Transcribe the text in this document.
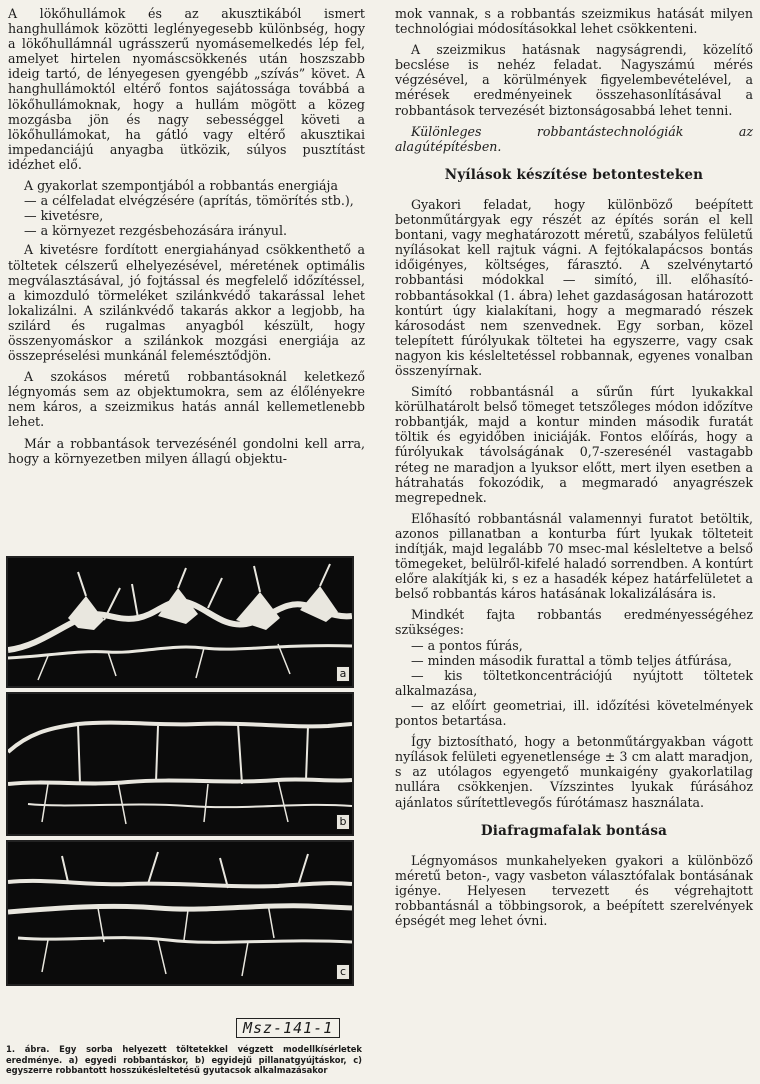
A lökőhullámok és az akusztikából ismert hanghullámok közötti leglényegesebb különbség, hogy a lökőhullámnál ugrásszerű nyomásemelkedés lép fel, amelyet hirtelen nyomáscsökkenés után hoszszabb ideig tartó, de lényegesen gyengébb „szívás” követ. A hanghullámoktól eltérő fontos sajátossága továbbá a lökőhullámoknak, hogy a hullám mögött a közeg mozgásba jön és nagy sebességgel követi a lökőhullámokat, ha gátló vagy eltérő akusztikai impedanciájú anyagba ütközik, súlyos pusztítást idézhet elő.

A gyakorlat szempontjából a robbantás energiája

— a célfeladat elvégzésére (aprítás, tömörítés stb.),

— kivetésre,

— a környezet rezgésbehozására irányul.

A kivetésre fordított energiahányad csökkenthető a töltetek célszerű elhelyezésével, méretének optimális megválasztásával, jó fojtással és megfelelő időzítéssel, a kimozduló törmeléket szilánkvédő takarással lehet lokalizálni. A szilánkvédő takarás akkor a legjobb, ha szilárd és rugalmas anyagból készült, hogy összenyomáskor a szilánkok mozgási energiája az összepréselési munkánál felemésztődjön.

A szokásos méretű robbantásoknál keletkező légnyomás sem az objektumokra, sem az élőlényekre nem káros, a szeizmikus hatás annál kellemetlenebb lehet.

Már a robbantások tervezésénél gondolni kell arra, hogy a környezetben milyen állagú objektu-

a
b
c
Msz-141-1
1. ábra. Egy sorba helyezett töltetekkel végzett modellkísérletek eredménye. a) egyedi robbantáskor, b) egyidejű pillanatgyújtáskor, c) egyszerre robbantott hosszúkésleltetésű gyutacsok alkalmazásakor

mok vannak, s a robbantás szeizmikus hatását milyen technológiai módosításokkal lehet csökkenteni.

A szeizmikus hatásnak nagyságrendi, közelítő becslése is nehéz feladat. Nagyszámú mérés végzésével, a körülmények figyelembevételével, a mérések eredményeinek összehasonlításával a robbantások tervezését biztonságosabbá lehet tenni.

Különleges robbantástechnológiák az alagútépítésben.

Nyílások készítése betontesteken

Gyakori feladat, hogy különböző beépített betonműtárgyak egy részét az építés során el kell bontani, vagy meghatározott méretű, szabályos felületű nyílásokat kell rajtuk vágni. A fejtókalapácsos bontás időigényes, költséges, fárasztó. A szelvénytartó robbantási módokkal — simító, ill. előhasító-robbantásokkal (1. ábra) lehet gazdaságosan határozott kontúrt úgy kialakítani, hogy a megmaradó részek károsodást nem szenvednek. Egy sorban, közel telepített fúrólyukak töltetei ha egyszerre, vagy csak nagyon kis késleltetéssel robbannak, egyenes vonalban összenyírnak.

Simító robbantásnál a sűrűn fúrt lyukakkal körülhatárolt belső tömeget tetszőleges módon időzítve robbantják, majd a kontur minden második furatát töltik és egyidőben iniciáják. Fontos előírás, hogy a fúrólyukak távolságának 0,7-szeresénél vastagabb réteg ne maradjon a lyuksor előtt, mert ilyen esetben a hátrahatás fokozódik, a megmaradó anyagrészek megrepednek.

Előhasító robbantásnál valamennyi furatot betöltik, azonos pillanatban a konturba fúrt lyukak tölteteit indítják, majd legalább 70 msec-mal késleltetve a belső tömegeket, belülről-kifelé haladó sorrendben. A kontúrt előre alakítják ki, s ez a hasadék képez határfelületet a belső robbantás káros hatásának lokalizálására is.

Mindkét fajta robbantás eredményességéhez szükséges:

— a pontos fúrás,

— minden második furattal a tömb teljes átfúrása,

— kis töltetkoncentrációjú nyújtott töltetek alkalmazása,

— az előírt geometriai, ill. időzítési követelmények pontos betartása.

Így biztosítható, hogy a betonműtárgyakban vágott nyílások felületi egyenetlensége ± 3 cm alatt maradjon, s az utólagos egyengető munkaigény gyakorlatilag nullára csökkenjen. Vízszintes lyukak fúrásához ajánlatos sűrítettlevegős fúrótámasz használata.

Diafragmafalak bontása

Légnyomásos munkahelyeken gyakori a különböző méretű beton-, vagy vasbeton választófalak bontásának igénye. Helyesen tervezett és végrehajtott robbantásnál a többingsorok, a beépített szerelvények épségét meg lehet óvni.
